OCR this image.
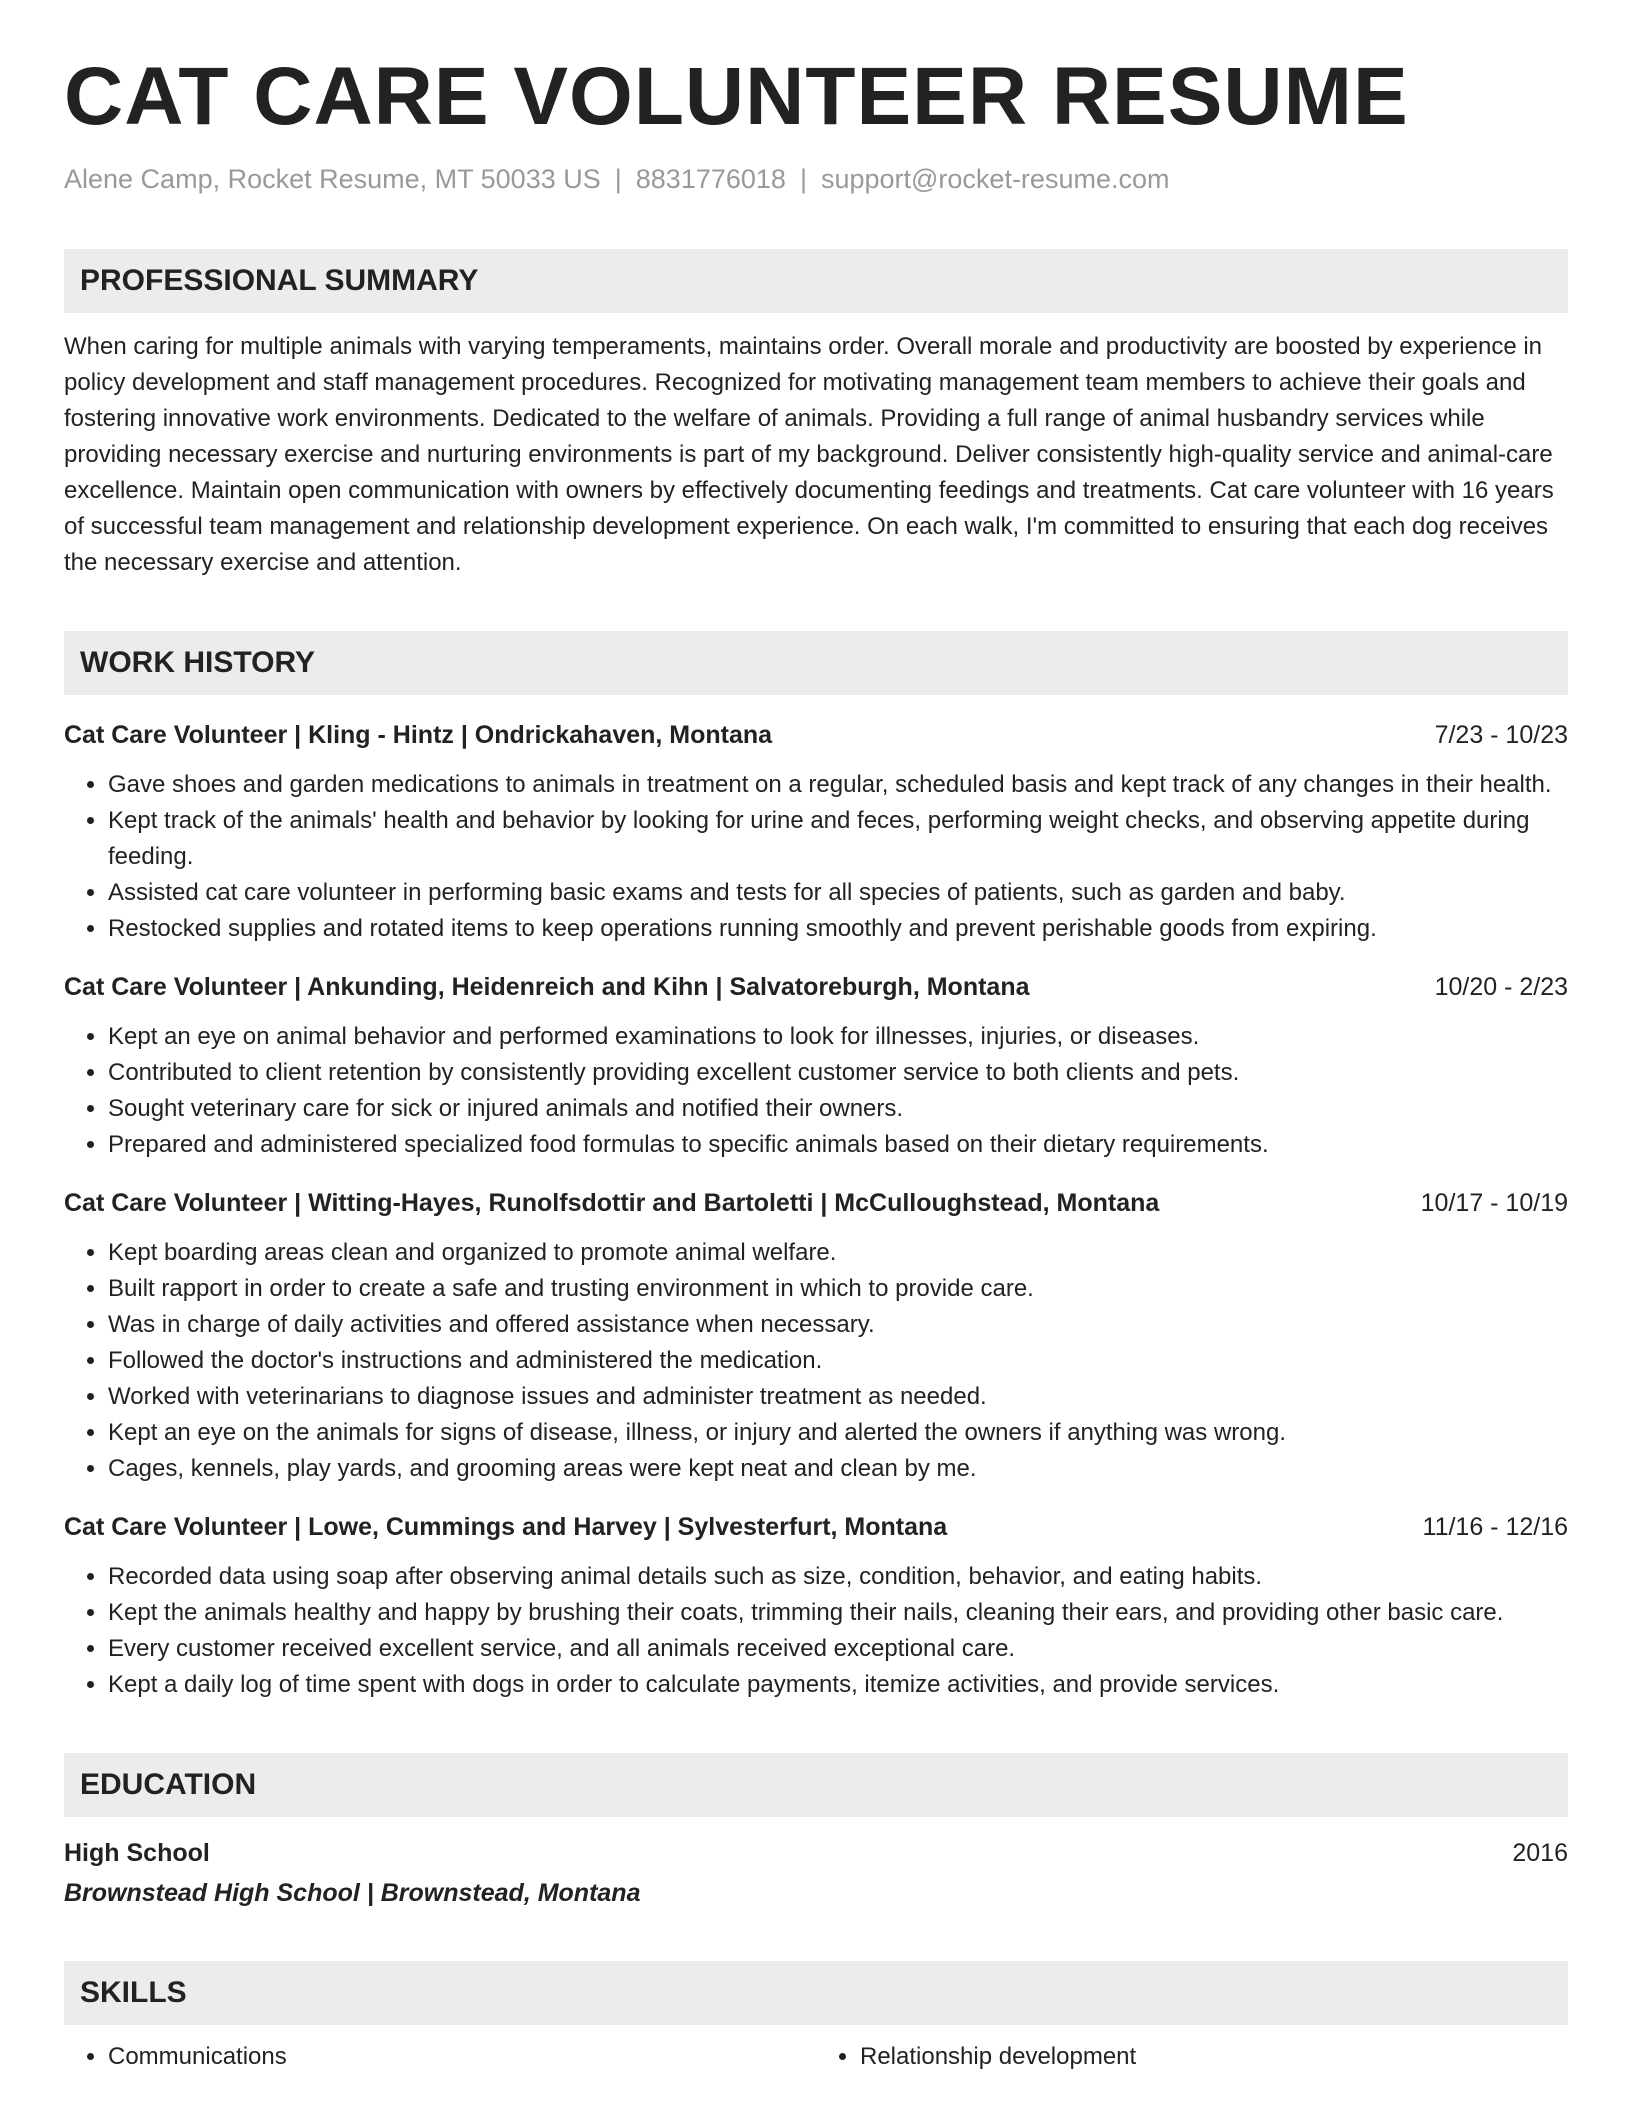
CAT CARE VOLUNTEER RESUME
Alene Camp, Rocket Resume, MT 50033 US | 8831776018 | support@rocket-resume.com
PROFESSIONAL SUMMARY

When caring for multiple animals with varying temperaments, maintains order. Overall morale and productivity are boosted by experience in policy development and staff management procedures. Recognized for motivating management team members to achieve their goals and fostering innovative work environments. Dedicated to the welfare of animals. Providing a full range of animal husbandry services while providing necessary exercise and nurturing environments is part of my background. Deliver consistently high-quality service and animal-care excellence. Maintain open communication with owners by effectively documenting feedings and treatments. Cat care volunteer with 16 years of successful team management and relationship development experience. On each walk, I'm committed to ensuring that each dog receives the necessary exercise and attention.

WORK HISTORY
Cat Care Volunteer | Kling - Hintz | Ondrickahaven, Montana	7/23 - 10/23
• Gave shoes and garden medications to animals in treatment on a regular, scheduled basis and kept track of any changes in their health.
• Kept track of the animals' health and behavior by looking for urine and feces, performing weight checks, and observing appetite during feeding.
• Assisted cat care volunteer in performing basic exams and tests for all species of patients, such as garden and baby.
• Restocked supplies and rotated items to keep operations running smoothly and prevent perishable goods from expiring.
Cat Care Volunteer | Ankunding, Heidenreich and Kihn | Salvatoreburgh, Montana	10/20 - 2/23
• Kept an eye on animal behavior and performed examinations to look for illnesses, injuries, or diseases.
• Contributed to client retention by consistently providing excellent customer service to both clients and pets.
• Sought veterinary care for sick or injured animals and notified their owners.
• Prepared and administered specialized food formulas to specific animals based on their dietary requirements.
Cat Care Volunteer | Witting-Hayes, Runolfsdottir and Bartoletti | McCulloughstead, Montana	10/17 - 10/19
• Kept boarding areas clean and organized to promote animal welfare.
• Built rapport in order to create a safe and trusting environment in which to provide care.
• Was in charge of daily activities and offered assistance when necessary.
• Followed the doctor's instructions and administered the medication.
• Worked with veterinarians to diagnose issues and administer treatment as needed.
• Kept an eye on the animals for signs of disease, illness, or injury and alerted the owners if anything was wrong.
• Cages, kennels, play yards, and grooming areas were kept neat and clean by me.
Cat Care Volunteer | Lowe, Cummings and Harvey | Sylvesterfurt, Montana	11/16 - 12/16
• Recorded data using soap after observing animal details such as size, condition, behavior, and eating habits.
• Kept the animals healthy and happy by brushing their coats, trimming their nails, cleaning their ears, and providing other basic care.
• Every customer received excellent service, and all animals received exceptional care.
• Kept a daily log of time spent with dogs in order to calculate payments, itemize activities, and provide services.
EDUCATION
High School	2016
Brownstead High School | Brownstead, Montana
SKILLS
• Communications
•	Relationship development
